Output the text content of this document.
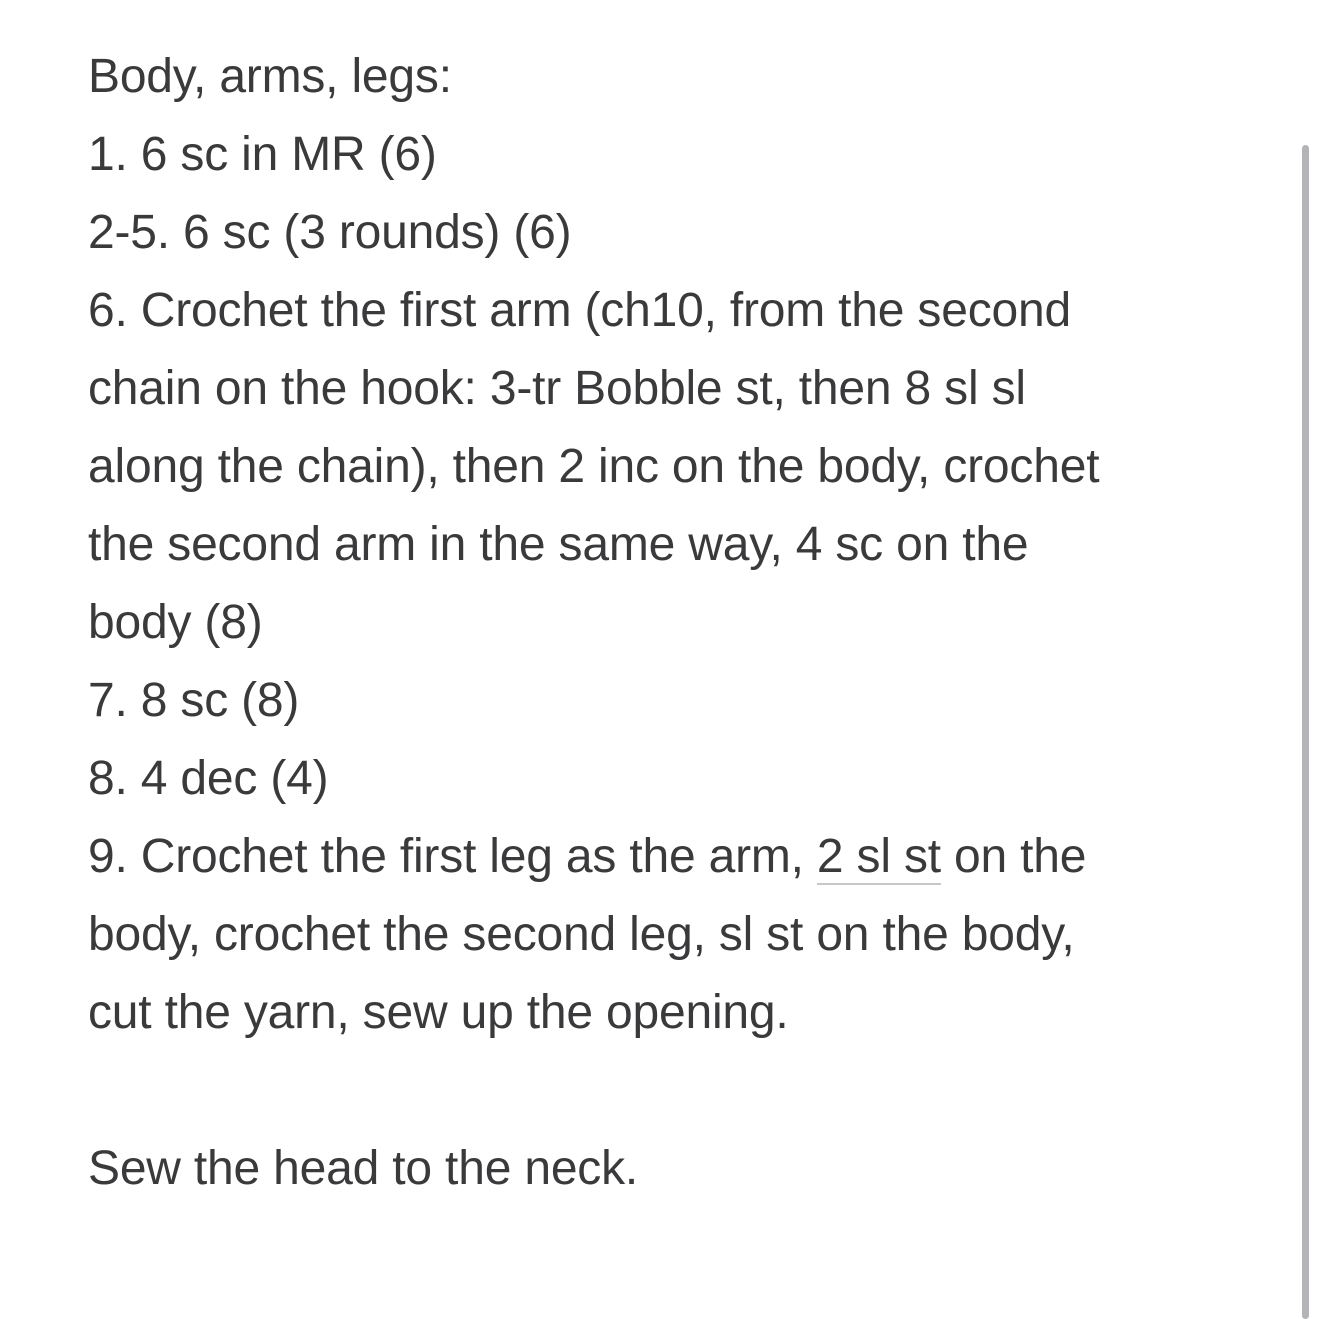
Body, arms, legs:
1. 6 sc in MR (6)
2-5. 6 sc (3 rounds) (6)
6. Crochet the first arm (ch10, from the second
chain on the hook: 3-tr Bobble st, then 8 sl sl
along the chain), then 2 inc on the body, crochet
the second arm in the same way, 4 sc on the
body (8)
7. 8 sc (8)
8. 4 dec (4)
9. Crochet the first leg as the arm, 2 sl st on the
body, crochet the second leg, sl st on the body,
cut the yarn, sew up the opening.
Sew the head to the neck.
